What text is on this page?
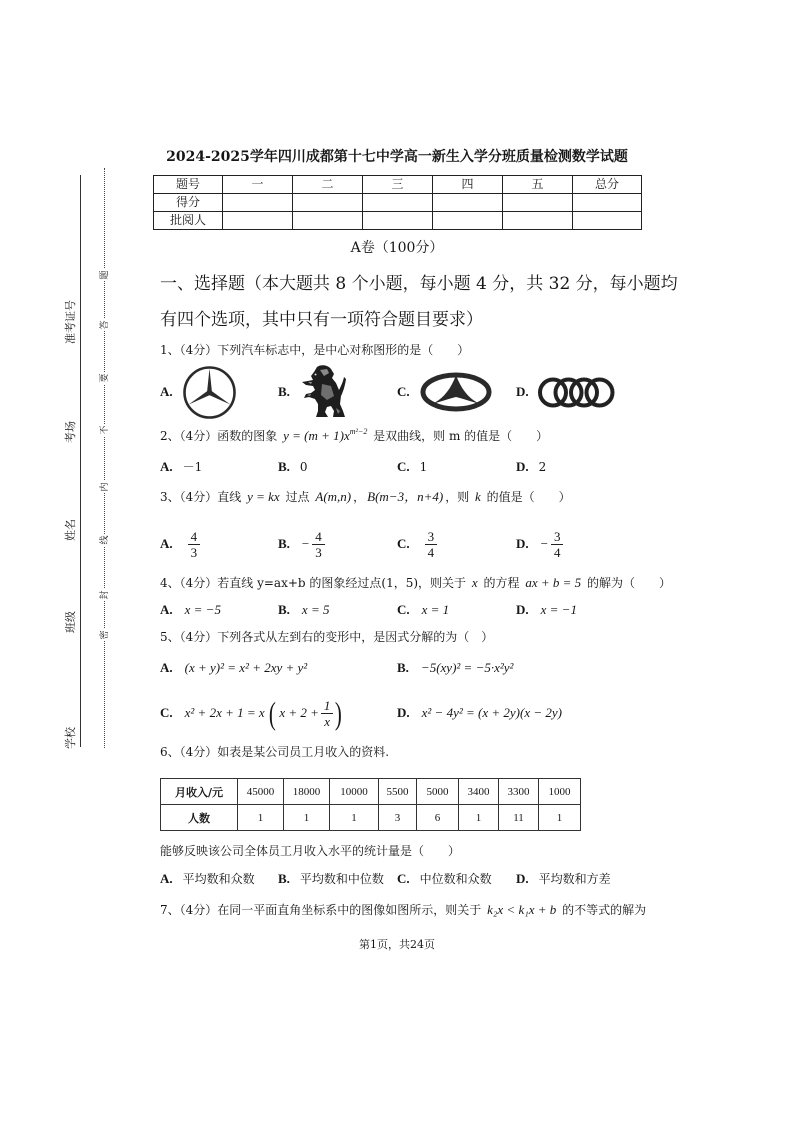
准考证号
考场
姓名
班级
学校
题
答
要
不
内
线
封
密
2024-2025学年四川成都第十七中学高一新生入学分班质量检测数学试题
题号	一	二	三	四	五	总分
得分						
批阅人						
A卷（100分）
一、选择题（本大题共 8 个小题，每小题 4 分，共 32 分，每小题均
有四个选项，其中只有一项符合题目要求）
1、（4分）下列汽车标志中，是中心对称图形的是（　　）
A.	B.	C.	D.
2、（4分）函数的图象 $y = (m + 1)x^{m^2-2}$ 是双曲线，则 m 的值是（　　）
A. －1	B. 0	C. 1	D. 2
3、（4分）直线 y = kx 过点 A(m,n) ， B(m−3，n+4) ，则 k 的值是（　　）
A. $\frac{4}{3}$	B. − $\frac{4}{3}$	C. $\frac{3}{4}$	D. − $\frac{3}{4}$
4、（4分）若直线 y=ax+b 的图象经过点(1，5)，则关于 x 的方程 ax + b = 5 的解为（　　）
A. x = −5	B. x = 5	C. x = 1	D. x = −1
5、（4分）下列各式从左到右的变形中，是因式分解的为（　）
A. (x + y)² = x² + 2xy + y²	B. −5(xy)² = −5·x²y²
C. x² + 2x + 1 = x ( $x + 2 + \frac{1}{x}$ )	D. x² − 4y² = (x + 2y)(x − 2y)
6、（4分）如表是某公司员工月收入的资料.
月收入/元	45000	18000	10000	5500	5000	3400	3300	1000
人数	1	1	1	3	6	1	11	1
能够反映该公司全体员工月收入水平的统计量是（　　）
A. 平均数和众数 B. 平均数和中位数 C. 中位数和众数 D. 平均数和方差
7、（4分）在同一平面直角坐标系中的图像如图所示，则关于 k₂x < k₁x + b 的不等式的解为
第1页，共24页
